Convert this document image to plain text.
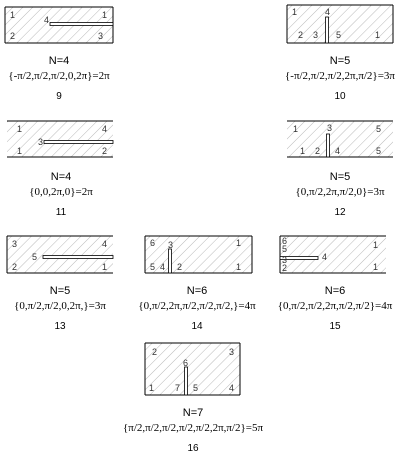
1	4	1
2	3
N=4
{-π/2,π/2,π/2,0,2π}=2π
9
1	4
2 3 5	1
N=5
{-π/2,π/2,π/2,2π,π/2}=3π
10
1
3
4
1	2
N=4
{0,0,2π,0}=2π
11
1	3	5
1 2 4	5
N=5
{0,π/2,2π,π/2,0}=3π
12
3	4
5
2	1
N=5
{0,π/2,π/2,0,2π,}=3π
13
6 3	1
5 4 2	1
N=6
{0,π/2,2π,π/2,π/2,π/2,}=4π
14
6
5
3
2
4
1
1
N=6
{0,π/2,π/2,2π,π/2,π/2}=4π
15
2	3
6
1 7 5	4
N=7
{π/2,π/2,π/2,π/2,π/2,2π,π/2}=5π
16
